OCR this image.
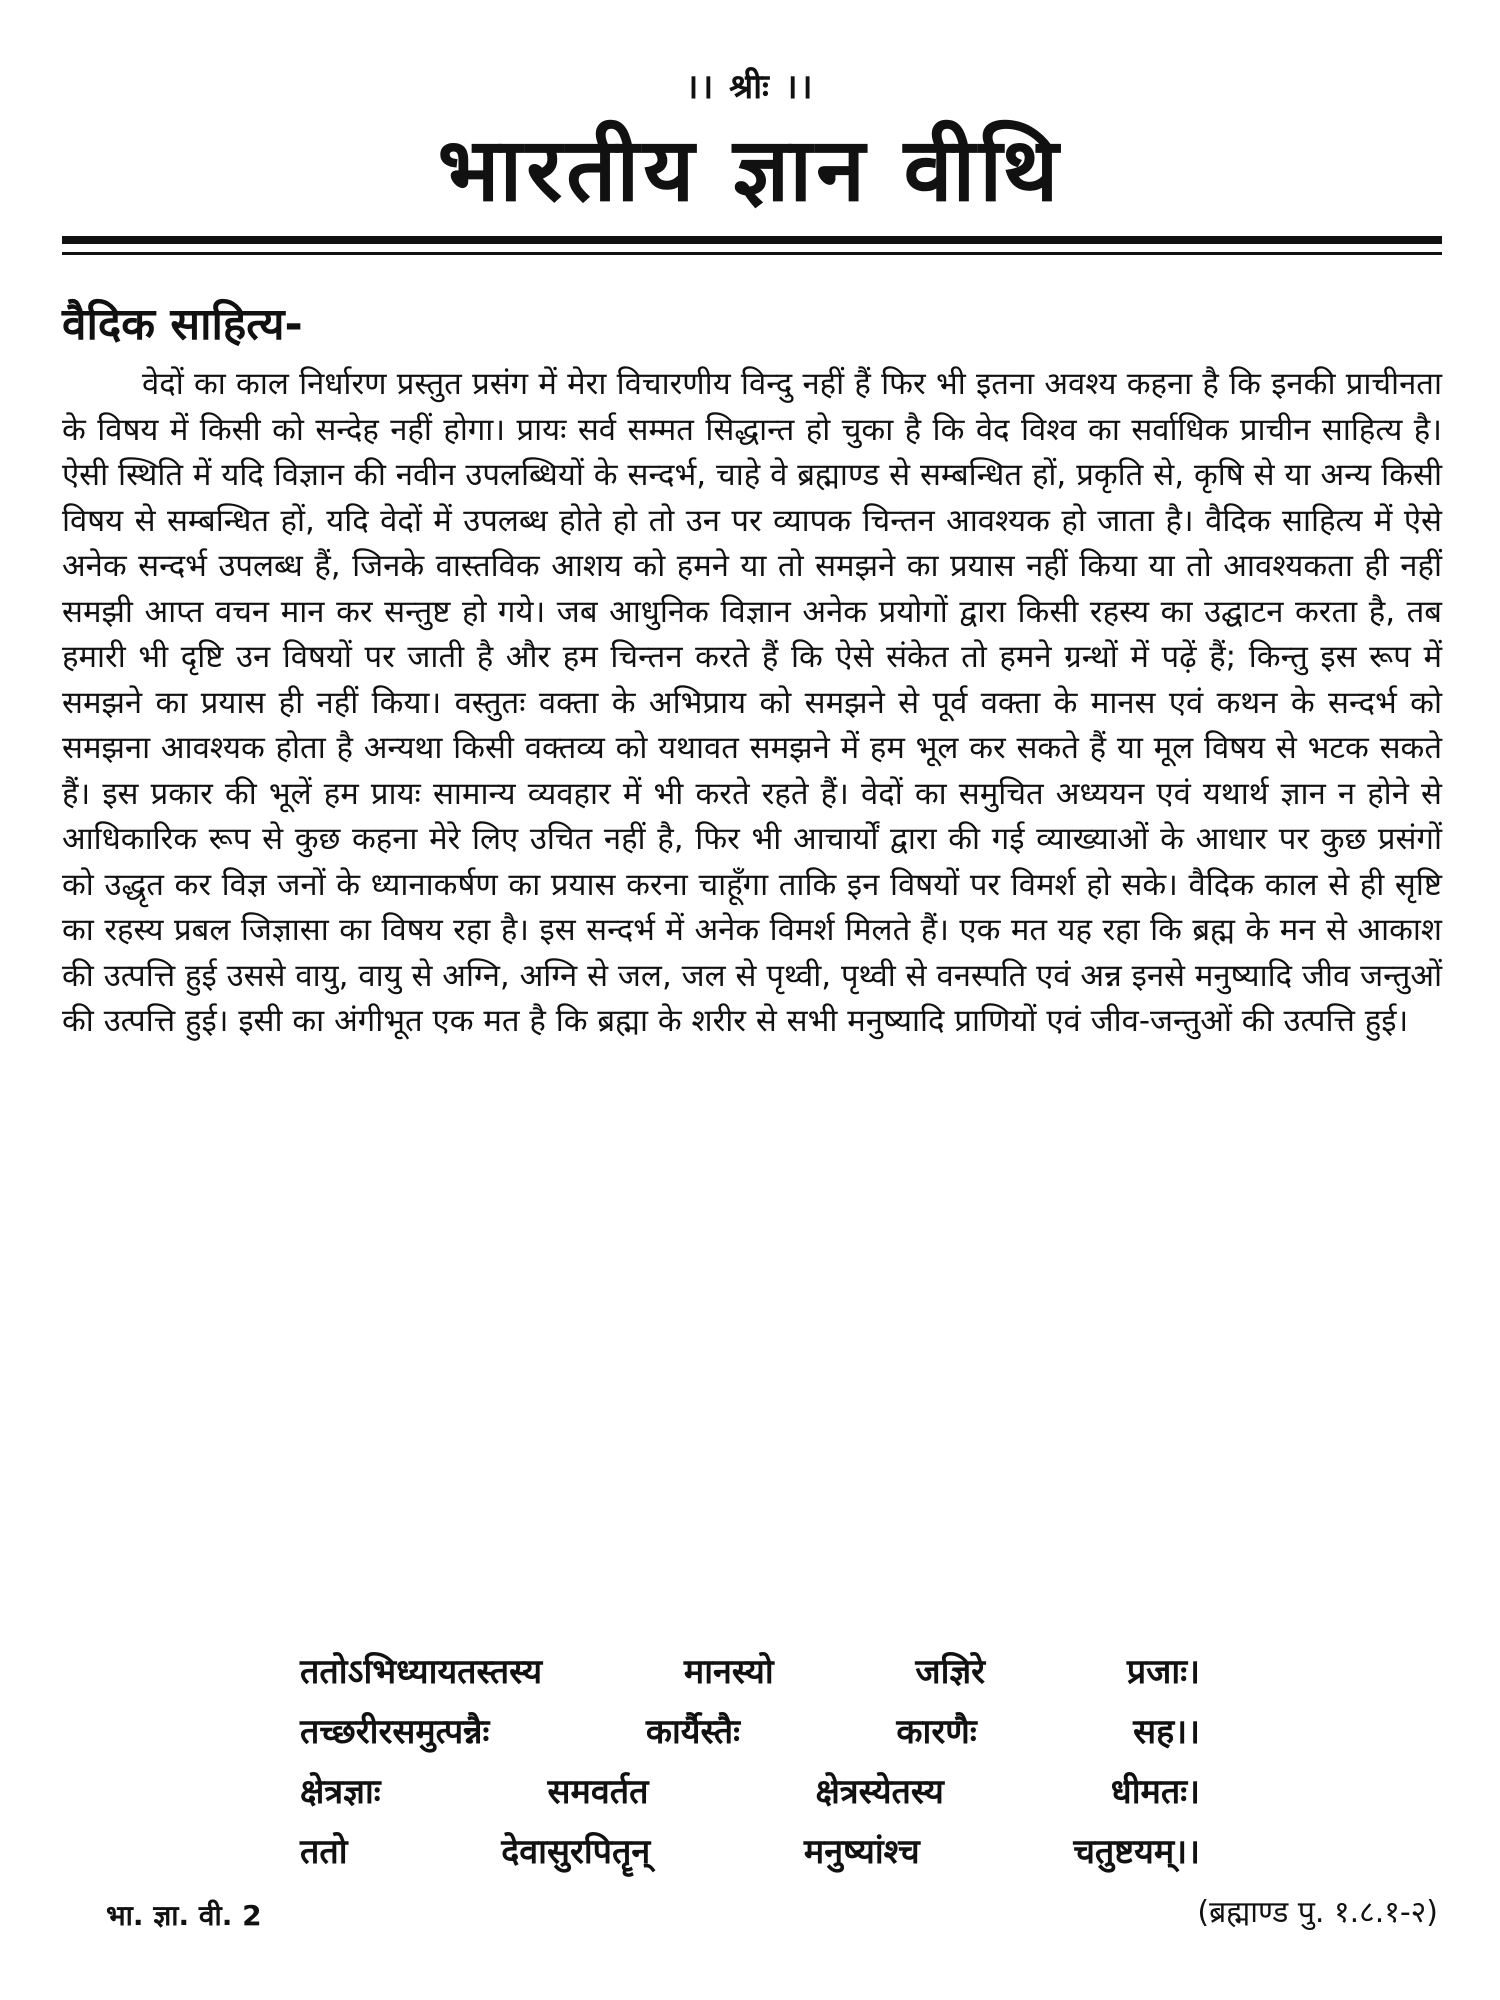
।। श्रीः ।।
भारतीय ज्ञान वीथि
वैदिक साहित्य-
वेदों का काल निर्धारण प्रस्तुत प्रसंग में मेरा विचारणीय विन्दु नहीं हैं फिर भी इतना अवश्य कहना है कि इनकी प्राचीनता के विषय में किसी को सन्देह नहीं होगा। प्रायः सर्व सम्मत सिद्धान्त हो चुका है कि वेद विश्व का सर्वाधिक प्राचीन साहित्य है। ऐसी स्थिति में यदि विज्ञान की नवीन उपलब्धियों के सन्दर्भ, चाहे वे ब्रह्माण्ड से सम्बन्धित हों, प्रकृति से, कृषि से या अन्य किसी विषय से सम्बन्धित हों, यदि वेदों में उपलब्ध होते हो तो उन पर व्यापक चिन्तन आवश्यक हो जाता है। वैदिक साहित्य में ऐसे अनेक सन्दर्भ उपलब्ध हैं, जिनके वास्तविक आशय को हमने या तो समझने का प्रयास नहीं किया या तो आवश्यकता ही नहीं समझी आप्त वचन मान कर सन्तुष्ट हो गये। जब आधुनिक विज्ञान अनेक प्रयोगों द्वारा किसी रहस्य का उद्घाटन करता है, तब हमारी भी दृष्टि उन विषयों पर जाती है और हम चिन्तन करते हैं कि ऐसे संकेत तो हमने ग्रन्थों में पढ़ें हैं; किन्तु इस रूप में समझने का प्रयास ही नहीं किया। वस्तुतः वक्ता के अभिप्राय को समझने से पूर्व वक्ता के मानस एवं कथन के सन्दर्भ को समझना आवश्यक होता है अन्यथा किसी वक्तव्य को यथावत समझने में हम भूल कर सकते हैं या मूल विषय से भटक सकते हैं। इस प्रकार की भूलें हम प्रायः सामान्य व्यवहार में भी करते रहते हैं। वेदों का समुचित अध्ययन एवं यथार्थ ज्ञान न होने से आधिकारिक रूप से कुछ कहना मेरे लिए उचित नहीं है, फिर भी आचार्यों द्वारा की गई व्याख्याओं के आधार पर कुछ प्रसंगों को उद्धृत कर विज्ञ जनों के ध्यानाकर्षण का प्रयास करना चाहूँगा ताकि इन विषयों पर विमर्श हो सके। वैदिक काल से ही सृष्टि का रहस्य प्रबल जिज्ञासा का विषय रहा है। इस सन्दर्भ में अनेक विमर्श मिलते हैं। एक मत यह रहा कि ब्रह्म के मन से आकाश की उत्पत्ति हुई उससे वायु, वायु से अग्नि, अग्नि से जल, जल से पृथ्वी, पृथ्वी से वनस्पति एवं अन्न इनसे मनुष्यादि जीव जन्तुओं की उत्पत्ति हुई। इसी का अंगीभूत एक मत है कि ब्रह्मा के शरीर से सभी मनुष्यादि प्राणियों एवं जीव-जन्तुओं की उत्पत्ति हुई।
ततोऽभिध्यायतस्तस्य	मानस्यो	जज्ञिरे	प्रजाः।
तच्छरीरसमुत्पन्नैः	कार्यैस्तैः	कारणैः	सह।।
क्षेत्रज्ञाः	समवर्तत	क्षेत्रस्येतस्य	धीमतः।
ततो	देवासुरपितॄन्	मनुष्यांश्च	चतुष्टयम्।।
भा. ज्ञा. वी. 2	(ब्रह्माण्ड पु. १.८.१-२)
